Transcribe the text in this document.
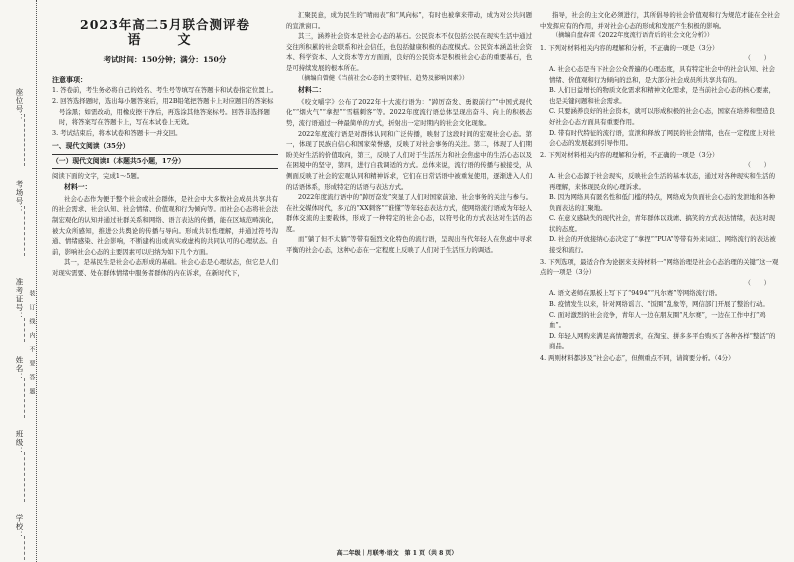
座位号：
考场号：
准考证号： 装　订　线　内　不　要　答　题
姓名：
班级：
学校：
2023年高二5月联合测评卷
语　文
考试时间：150分钟；满分：150分
注意事项：
1. 答卷前，考生务必将自己的姓名、考生号等填写在答题卡和试卷指定位置上。
2. 回答选择题时，选出每小题答案后，用2B铅笔把答题卡上对应题目的答案标号涂黑；如需改动，用橡皮擦干净后，再选涂其他答案标号。回答非选择题时，将答案写在答题卡上，写在本试卷上无效。
3. 考试结束后，将本试卷和答题卡一并交回。
一、现代文阅读（35分）
（一）现代文阅读Ⅰ（本题共5小题，17分）
阅读下面的文字，完成1～5题。
材料一：

社会心态作为便于整个社会或社会群体，是社会中大多数社会成员共享共有的社会需求、社会认知、社会情绪、价值观和行为倾向等。而社会心态将社会法制宏观化的认知并通过社群关系和网络、语言表达的传播，能在区域范畴演化，被大众所感知，推进公共舆论的传播与导向。形成共识性理解，并通过符号沟通、情绪感染、社会影响，不断建构出或真实或虚构的共同认可的心理状态。自前，影响社会心态的主要因素可以归纳为如下几个方面。

其一，是基民生是社会心态形成的基础。社会心态是心理状态，但它是人们对现实需要、处在群体情绪中服务者群体的内在诉求，在新时代下，

汇聚民意，成为民生的“晴雨表”和“风向标”，有时也被拿来带动，成为对公共问题的宣泄窗口。

其三，涵养社会资本是社会心态的基石。公民资本不仅包括公民在现实生活中通过交往所积累的社会联系和社会信任，也包括健康积极的态度模式。公民资本涵盖社会资本、科学资本、人文资本等方方面面，良好的公民资本是积极社会心态的重要基石，也是可持续发展的根本所在。

（摘编自曾健《当前社会心态的主要特征、趋势及影响因素》）
材料二：

《咬文嚼字》公布了2022年十大流行语为：“踔厉奋发、勇毅前行”“中国式现代化”“烟火气”“拿捏”“雪糕刺客”等。2022年度流行语总体呈现出奋斗、向上的积极态势，流行语通过一种最简单的方式，折射出一定时期内的社会文化现象。

2022年度流行语是对群体认同和广泛传播，映射了这段时间的宏观社会心态。第一，体现了民族自信心和国家荣誉感，反映了对社会事务的关注。第二，体现了人们期盼美好生活的价值取向，第三，反映了人们对于生活压力和社会焦虑中的生活心态以及在困境中的坚守，第四，进行自我调适的方式。总体来说，流行语的传播与被接受，从侧面反映了社会的宏观认同和精神诉求，它们在日常话语中被重复使用，逐渐进入人们的话语体系，形成特定的话语与表达方式。

2022年度流行语中的“踔厉奋发”突显了人们对国家前途、社会事务的关注与参与。在社交媒体时代，多元的“XX刺客”“谁懂”等年轻态表达方式，使网络流行语成为年轻人群体交流的主要载体，形成了一种特定的社会心态，以符号化的方式表达对生活的态度。

而“躺了但不太躺”等带有强烈文化特色的流行语，呈现出当代年轻人在焦虑中寻求平衡的社会心态，这种心态在一定程度上反映了人们对于生活压力的调适。

指导，社会的主文化必须进行，其所倡导的社会价值观和行为规范才能在全社会中发挥应有的作用，并对社会心态的形成和发展产生积极的影响。

（摘编自盘春雷《2022年度流行语背后的社会文化分析》）
1. 下列对材料相关内容的理解和分析，不正确的一项是（3分）
（　　）
A. 社会心态是当下社会公众普遍的心理态度，具有特定社会中的社会认知、社会情绪、价值观和行为倾向的总和，是大部分社会成员所共享共有的。
B. 人们日益增长的物质文化需求和精神文化需求，是当前社会心态的核心要素，也是关键问题和社会需求。
C. 只要涵养良好的社会资本，就可以形成积极的社会心态，国家在培养和塑造良好社会心态方面具有重要作用。
D. 带有时代特征的流行语，宣泄和释放了网民的社会情绪，也在一定程度上对社会心态的发展起到引导作用。
2. 下列对材料相关内容的理解和分析，不正确的一项是（3分）
（　　）
A. 社会心态源于社会现实，反映社会生活的基本状态，通过对各种现实和生活的再理解，来体现民众的心理诉求。
B. 因为网络具有匿名性和低门槛的特点，网络成为负面社会心态的发泄地和各种负面表达的汇聚地。
C. 在意义感缺失的现代社会，青年群体以戏谑、搞笑的方式表达情绪，表达对现状的态度。
D. 社会的开放接纳心态决定了“拿捏”“PUA”等带有外来词汇、网络流行的表达被接受和流行。
3. 下列选项，最适合作为论据来支持材料一“网络治理是社会心态治理的关键”这一观点的一项是（3分）
（　　）
A. 语文老师在黑板上写下了“9494”“凡尔赛”等网络流行语。
B. 疫情发生以来，针对网络谣言、“饭圈”乱象等，网信部门开展了整治行动。
C. 面对激烈的社会竞争，青年人一边在朋友圈“凡尔赛”，一边在工作中打“鸡血”。
D. 年轻人网购来满足高情趣需求，在淘宝、拼多多平台购买了各种各样“整活”的商品。
4. 两则材料都涉及“社会心态”，但侧重点不同，请简要分析。（4分）
高二年级｜月联考·语文　第 1 页（共 8 页）
